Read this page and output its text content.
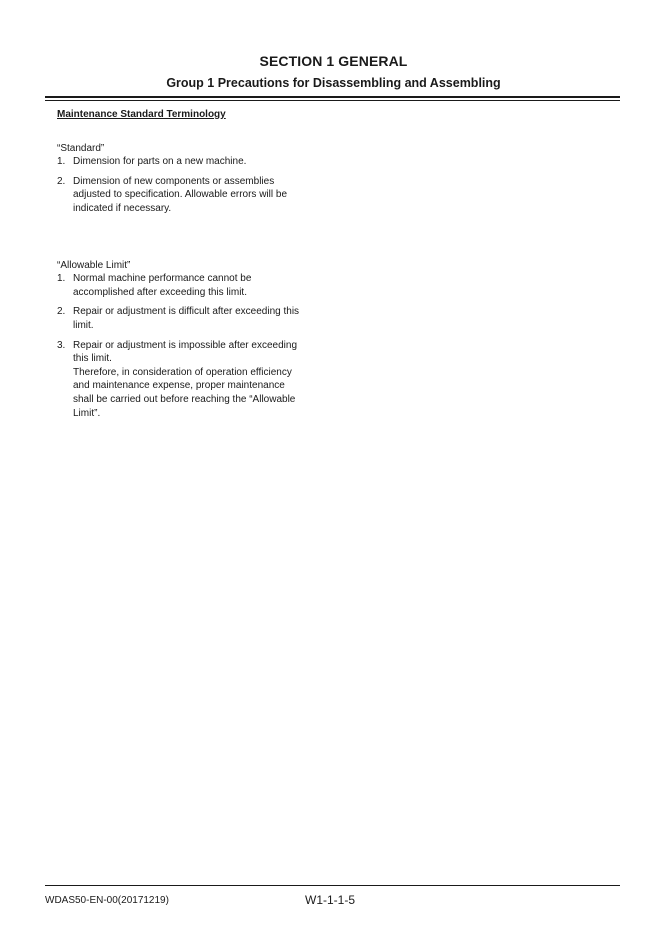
SECTION 1 GENERAL
Group 1 Precautions for Disassembling and Assembling
Maintenance Standard Terminology

“Standard”

1. Dimension for parts on a new machine.
2. Dimension of new components or assemblies
adjusted to specification. Allowable errors will be
indicated if necessary.

“Allowable Limit”

1. Normal machine performance cannot be
accomplished after exceeding this limit.
2. Repair or adjustment is difficult after exceeding this
limit.
3. Repair or adjustment is impossible after exceeding
this limit.
Therefore, in consideration of operation efficiency
and maintenance expense, proper maintenance
shall be carried out before reaching the “Allowable
Limit”.
WDAS50-EN-00(20171219)	W1-1-1-5
